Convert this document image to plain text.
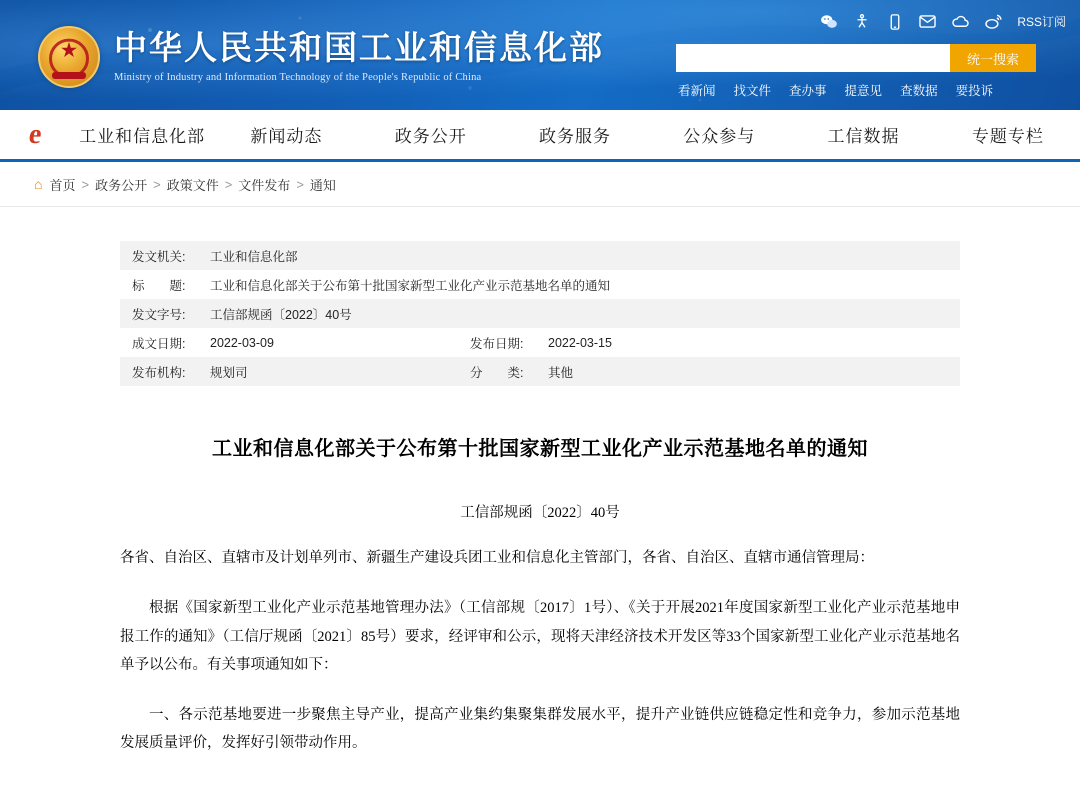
RSS订阅
★ 中华人民共和国工业和信息化部
Ministry of Industry and Information Technology of the People's Republic of China
统一搜索
看新闻 找文件 查办事 提意见 查数据 要投诉
e	工业和信息化部	新闻动态	政务公开	政务服务	公众参与	工信数据	专题专栏
⌂ 首页 > 政务公开 > 政策文件 > 文件发布 > 通知
发文机关:	工业和信息化部		
标　　题:	工业和信息化部关于公布第十批国家新型工业化产业示范基地名单的通知		
发文字号:	工信部规函〔2022〕40号		
成文日期:	2022-03-09	发布日期:	2022-03-15
发布机构:	规划司	分　　类:	其他
工业和信息化部关于公布第十批国家新型工业化产业示范基地名单的通知
工信部规函〔2022〕40号

各省、自治区、直辖市及计划单列市、新疆生产建设兵团工业和信息化主管部门，各省、自治区、直辖市通信管理局：

根据《国家新型工业化产业示范基地管理办法》（工信部规〔2017〕1号）、《关于开展2021年度国家新型工业化产业示范基地申报工作的通知》（工信厅规函〔2021〕85号）要求，经评审和公示，现将天津经济技术开发区等33个国家新型工业化产业示范基地名单予以公布。有关事项通知如下：

一、各示范基地要进一步聚焦主导产业，提高产业集约集聚集群发展水平，提升产业链供应链稳定性和竞争力，参加示范基地发展质量评价，发挥好引领带动作用。
